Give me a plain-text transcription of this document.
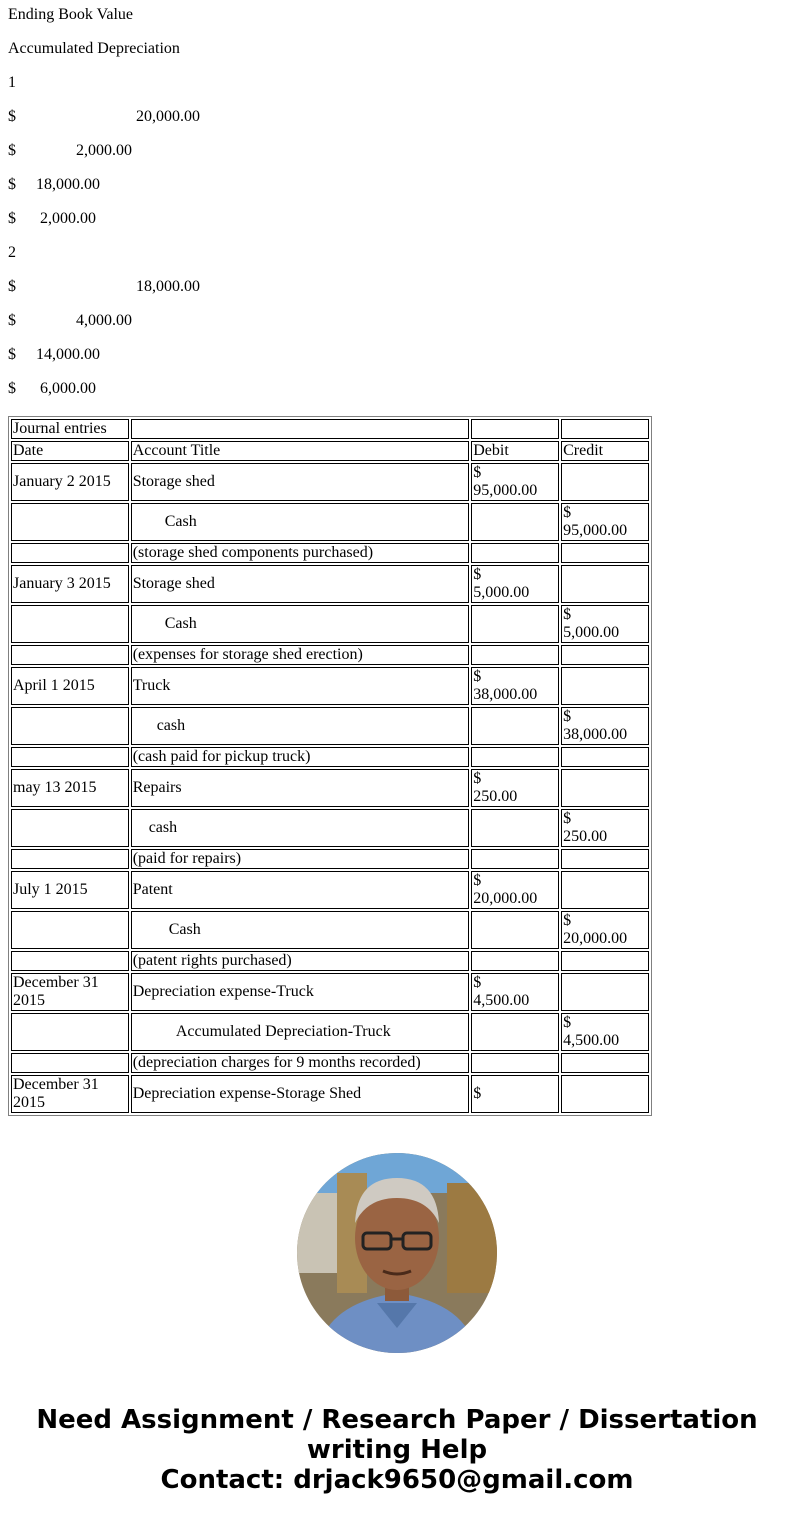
Ending Book Value
Accumulated Depreciation
1
$                              20,000.00
$               2,000.00
$     18,000.00
$      2,000.00
2
$                              18,000.00
$               4,000.00
$     14,000.00
$      6,000.00
Journal entries			
Date	Account Title	Debit	Credit
January 2 2015	Storage shed	$
95,000.00	
	Cash		$
95,000.00
	(storage shed components purchased)		
January 3 2015	Storage shed	$
5,000.00	
	Cash		$
5,000.00
	(expenses for storage shed erection)		
April 1 2015	Truck	$
38,000.00	
	cash		$
38,000.00
	(cash paid for pickup truck)		
may 13 2015	Repairs	$
250.00	
	cash		$
250.00
	(paid for repairs)		
July 1 2015	Patent	$
20,000.00	
	Cash		$
20,000.00
	(patent rights purchased)		
December 31
2015	Depreciation expense-Truck	$
4,500.00	
	Accumulated Depreciation-Truck		$
4,500.00
	(depreciation charges for 9 months recorded)		
December 31
2015	Depreciation expense-Storage Shed	$

Need Assignment / Research Paper / Dissertation
writing Help
Contact: drjack9650@gmail.com
